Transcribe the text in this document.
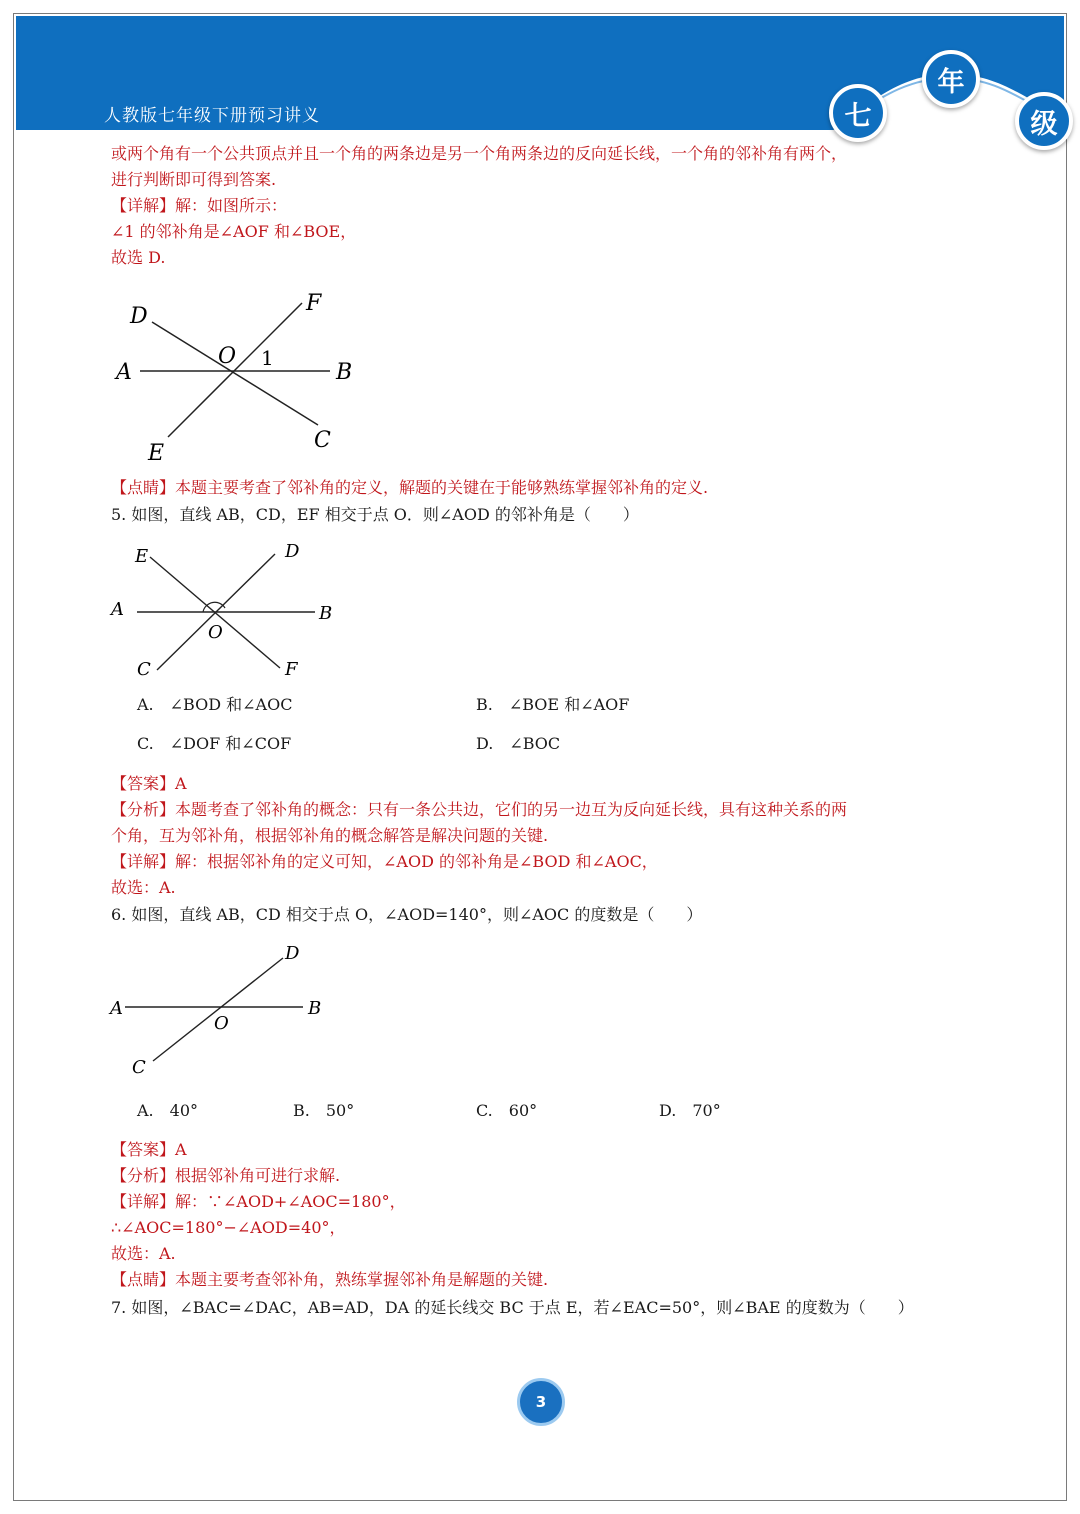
人教版七年级下册预习讲义	七
年
级
或两个角有一个公共顶点并且一个角的两条边是另一个角两条边的反向延长线，一个角的邻补角有两个，
进行判断即可得到答案.
【详解】解：如图所示：
∠1 的邻补角是∠AOF 和∠BOE，
故选 D.
D
F
A
O 1
B
E
C
【点睛】本题主要考查了邻补角的定义，解题的关键在于能够熟练掌握邻补角的定义.
5. 如图，直线 AB，CD，EF 相交于点 O．则∠AOD 的邻补角是（　　）
E	D
A	B
O
C	F
A.　∠BOD 和∠AOC	B.　∠BOE 和∠AOF
C.　∠DOF 和∠COF	D.　∠BOC
【答案】A
【分析】本题考查了邻补角的概念：只有一条公共边，它们的另一边互为反向延长线，具有这种关系的两
个角，互为邻补角，根据邻补角的概念解答是解决问题的关键.
【详解】解：根据邻补角的定义可知，∠AOD 的邻补角是∠BOD 和∠AOC，
故选：A.
6. 如图，直线 AB，CD 相交于点 O，∠AOD=140°，则∠AOC 的度数是（　　）
D
A	B
O
C
A.　40°	B.　50°	C.　60°	D.　70°
【答案】A
【分析】根据邻补角可进行求解.
【详解】解：∵∠AOD+∠AOC=180°，
∴∠AOC=180°−∠AOD=40°，
故选：A.
【点睛】本题主要考查邻补角，熟练掌握邻补角是解题的关键.
7. 如图，∠BAC=∠DAC，AB=AD，DA 的延长线交 BC 于点 E，若∠EAC=50°，则∠BAE 的度数为（　　）
3
